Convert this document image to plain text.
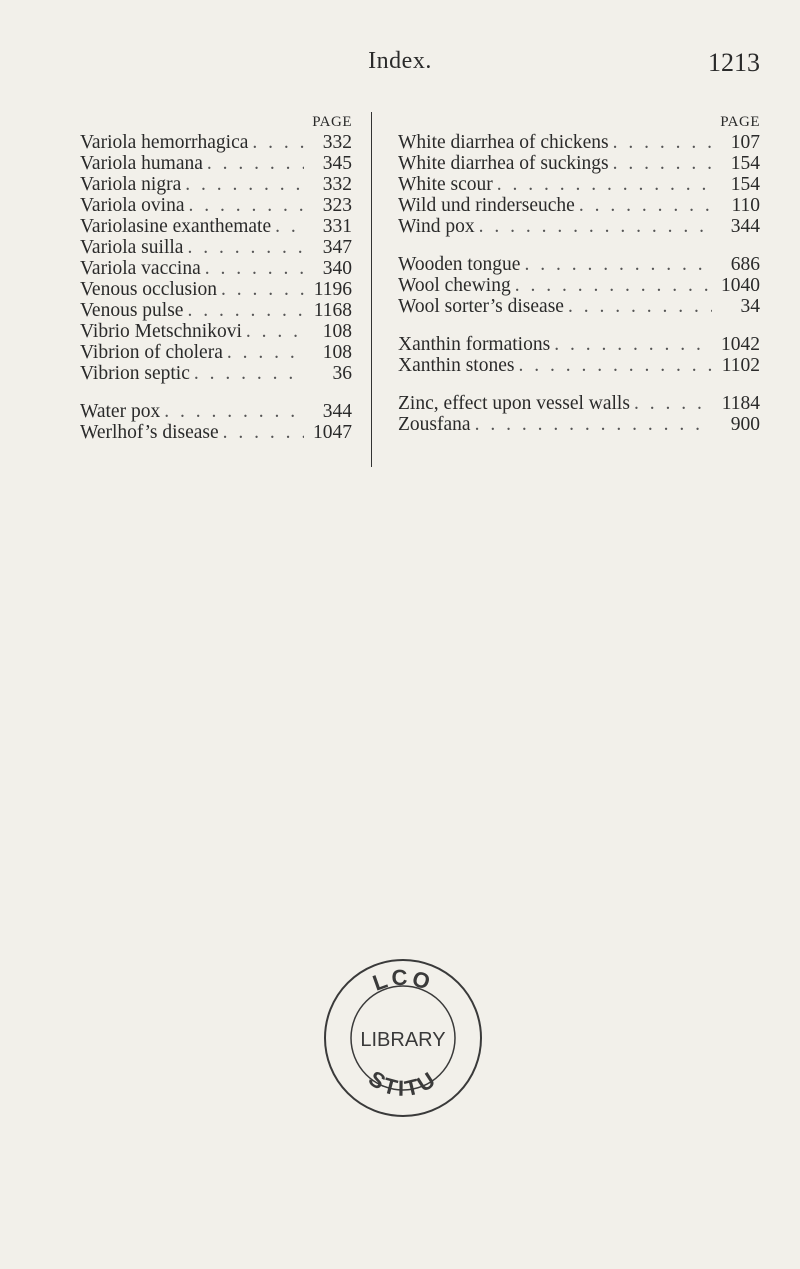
Index.	1213
PAGE
Variola hemorrhagica . . .	332
Variola humana . . .	345
Variola nigra . . .	332
Variola ovina . . .	323
Variolasine exanthemate . . .	331
Variola suilla . . .	347
Variola vaccina . . .	340
Venous occlusion . . .	1196
Venous pulse . . .	1168
Vibrio Metschnikovi . . .	108
Vibrion of cholera . . .	108
Vibrion septic . . .	36
Water pox . . .	344
Werlhof’s disease . . .	1047
PAGE
White diarrhea of chickens . . .	107
White diarrhea of suckings . . .	154
White scour . . .	154
Wild und rinderseuche . . .	110
Wind pox . . .	344
Wooden tongue . . .	686
Wool chewing . . .	1040
Wool sorter’s disease . . .	34
Xanthin formations . . .	1042
Xanthin stones . . .	1102
Zinc, effect upon vessel walls . . .	1184
Zousfana . . .	900
LCO
LIBRARY
STITU
